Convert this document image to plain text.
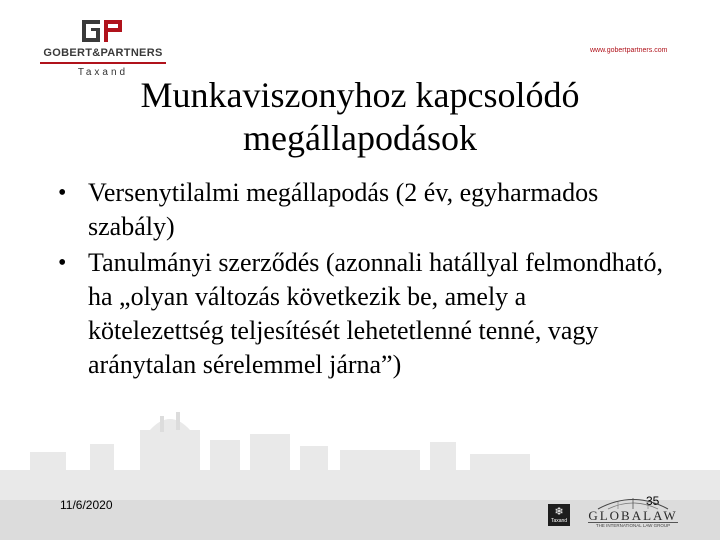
GOBERT&PARTNERS
Taxand
www.gobertpartners.com
Munkaviszonyhoz kapcsolódó
megállapodások
• Versenytilalmi megállapodás (2 év, egyharmados szabály)
• Tanulmányi szerződés (azonnali hatállyal felmondható, ha „olyan változás következik be, amely a kötelezettség teljesítését lehetetlenné tenné, vagy aránytalan sérelemmel járna”)
11/6/2020	35
❄
Taxand GLOBALAW
THE INTERNATIONAL LAW GROUP
